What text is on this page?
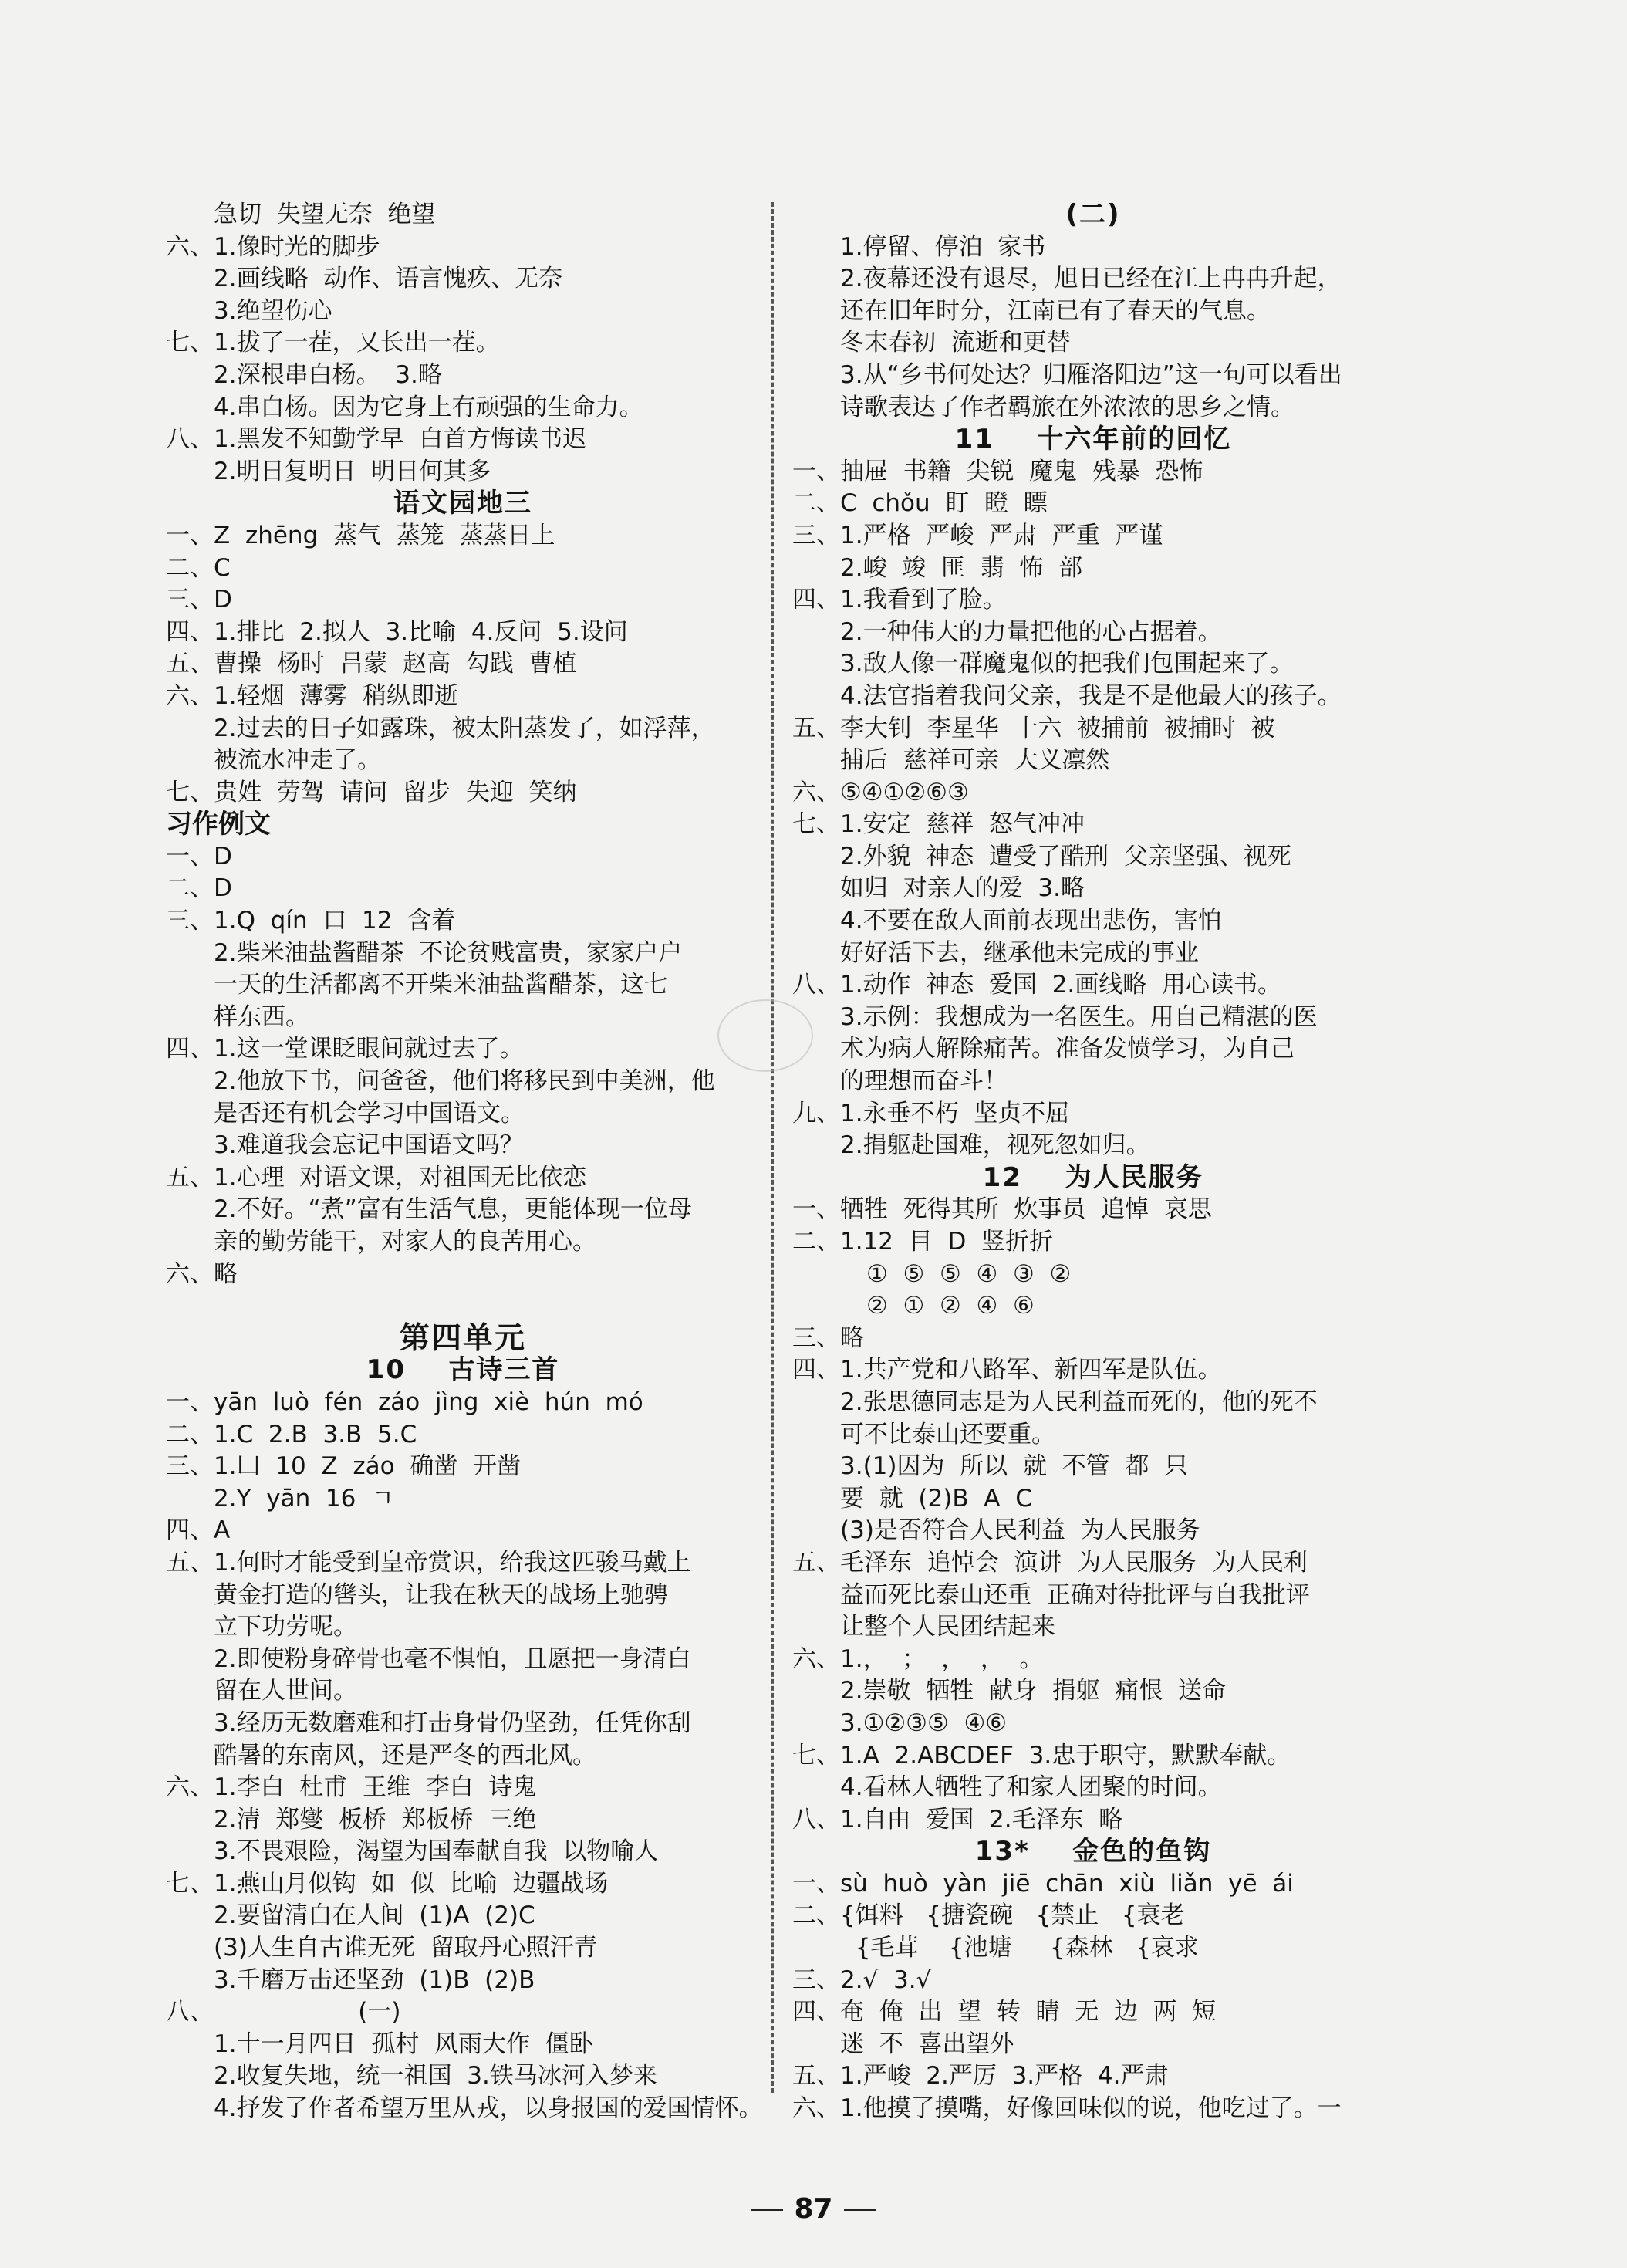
急切  失望无奈  绝望
六、1.像时光的脚步
2.画线略  动作、语言愧疚、无奈
3.绝望伤心
七、1.拔了一茬，又长出一茬。
2.深根串白杨。  3.略
4.串白杨。因为它身上有顽强的生命力。
八、1.黑发不知勤学早  白首方悔读书迟
2.明日复明日  明日何其多
语文园地三
一、Z  zhēng  蒸气  蒸笼  蒸蒸日上
二、C
三、D
四、1.排比  2.拟人  3.比喻  4.反问  5.设问
五、曹操  杨时  吕蒙  赵高  勾践  曹植
六、1.轻烟  薄雾  稍纵即逝
2.过去的日子如露珠，被太阳蒸发了，如浮萍，
被流水冲走了。
七、贵姓  劳驾  请问  留步  失迎  笑纳
习作例文
一、D
二、D
三、1.Q  qín  口  12  含着
2.柴米油盐酱醋茶  不论贫贱富贵，家家户户
一天的生活都离不开柴米油盐酱醋茶，这七
样东西。
四、1.这一堂课眨眼间就过去了。
2.他放下书，问爸爸，他们将移民到中美洲，他
是否还有机会学习中国语文。
3.难道我会忘记中国语文吗？
五、1.心理  对语文课，对祖国无比依恋
2.不好。“煮”富有生活气息，更能体现一位母
亲的勤劳能干，对家人的良苦用心。
六、略
第四单元
10    古诗三首
一、yān  luò  fén  záo  jìng  xiè  hún  mó
二、1.C  2.B  3.B  5.C
三、1.凵  10  Z  záo  确凿  开凿
2.Y  yān  16  ㄱ
四、A
五、1.何时才能受到皇帝赏识，给我这匹骏马戴上
黄金打造的辔头，让我在秋天的战场上驰骋
立下功劳呢。
2.即使粉身碎骨也毫不惧怕，且愿把一身清白
留在人世间。
3.经历无数磨难和打击身骨仍坚劲，任凭你刮
酷暑的东南风，还是严冬的西北风。
六、1.李白  杜甫  王维  李白  诗鬼
2.清  郑燮  板桥  郑板桥  三绝
3.不畏艰险，渴望为国奉献自我  以物喻人
七、1.燕山月似钩  如  似  比喻  边疆战场
2.要留清白在人间  (1)A  (2)C
(3)人生自古谁无死  留取丹心照汗青
3.千磨万击还坚劲  (1)B  (2)B
八、                   (一)
1.十一月四日  孤村  风雨大作  僵卧
2.收复失地，统一祖国  3.铁马冰河入梦来
4.抒发了作者希望万里从戎，以身报国的爱国情怀。
(二)
1.停留、停泊  家书
2.夜幕还没有退尽，旭日已经在江上冉冉升起，
还在旧年时分，江南已有了春天的气息。
冬末春初  流逝和更替
3.从“乡书何处达？归雁洛阳边”这一句可以看出
诗歌表达了作者羁旅在外浓浓的思乡之情。
11    十六年前的回忆
一、抽屉  书籍  尖锐  魔鬼  残暴  恐怖
二、C  chǒu  盯  瞪  瞟
三、1.严格  严峻  严肃  严重  严谨
2.峻  竣  匪  翡  怖  部
四、1.我看到了脸。
2.一种伟大的力量把他的心占据着。
3.敌人像一群魔鬼似的把我们包围起来了。
4.法官指着我问父亲，我是不是他最大的孩子。
五、李大钊  李星华  十六  被捕前  被捕时  被
捕后  慈祥可亲  大义凛然
六、⑤④①②⑥③
七、1.安定  慈祥  怒气冲冲
2.外貌  神态  遭受了酷刑  父亲坚强、视死
如归  对亲人的爱  3.略
4.不要在敌人面前表现出悲伤，害怕
好好活下去，继承他未完成的事业
八、1.动作  神态  爱国  2.画线略  用心读书。
3.示例：我想成为一名医生。用自己精湛的医
术为病人解除痛苦。准备发愤学习，为自己
的理想而奋斗！
九、1.永垂不朽  坚贞不屈
2.捐躯赴国难，视死忽如归。
12    为人民服务
一、牺牲  死得其所  炊事员  追悼  哀思
二、1.12  目  D  竖折折
①  ⑤  ⑤  ④  ③  ②
②  ①  ②  ④  ⑥
三、略
四、1.共产党和八路军、新四军是队伍。
2.张思德同志是为人民利益而死的，他的死不
可不比泰山还要重。
3.(1)因为  所以  就  不管  都  只
要  就  (2)B  A  C
(3)是否符合人民利益  为人民服务
五、毛泽东  追悼会  演讲  为人民服务  为人民利
益而死比泰山还重  正确对待批评与自我批评
让整个人民团结起来
六、1.，  ；  ，  ，  。
2.崇敬  牺牲  献身  捐躯  痛恨  送命
3.①②③⑤  ④⑥
七、1.A  2.ABCDEF  3.忠于职守，默默奉献。
4.看林人牺牲了和家人团聚的时间。
八、1.自由  爱国  2.毛泽东  略
13*    金色的鱼钩
一、sù  huò  yàn  jiē  chān  xiù  liǎn  yē  ái
二、{饵料   {搪瓷碗   {禁止   {衰老
{毛茸    {池塘     {森林   {哀求
三、2.√  3.√
四、奄  俺  出  望  转  睛  无  边  两  短
迷  不  喜出望外
五、1.严峻  2.严厉  3.严格  4.严肃
六、1.他摸了摸嘴，好像回味似的说，他吃过了。一
87
